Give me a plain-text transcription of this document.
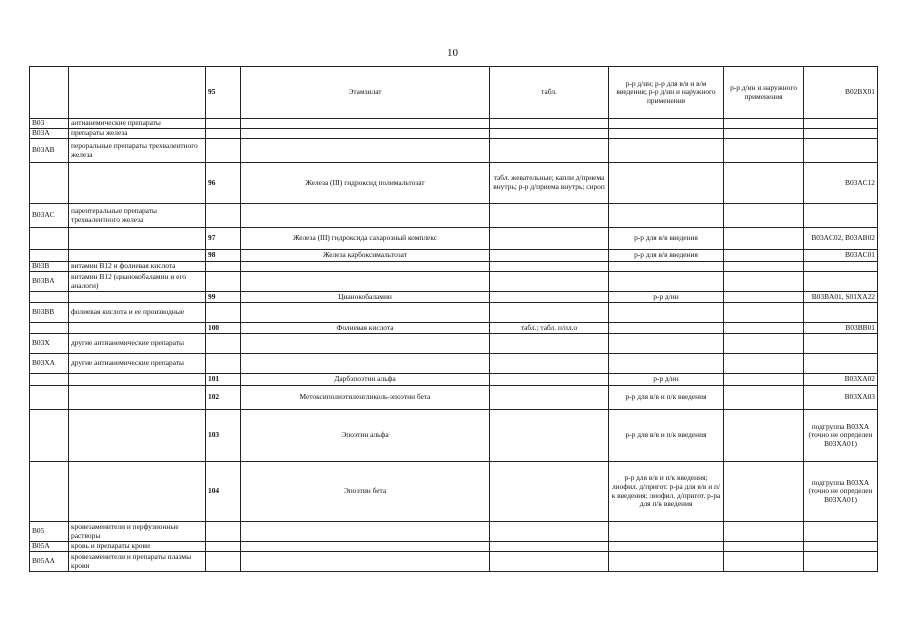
10
		95	Этамзилат	табл.	р-р д/ин; р-р для в/в и в/м введения; р-р д/ин и наружного применения	р-р д/ин и наружного применения	B02BX01
B03	антианемические препараты						
B03A	препараты железа						
B03AB	пероральные препараты трехвалентного железа						
		96	Железа (III) гидроксид полимальтозат	табл. жевательные; капли д/приема внутрь; р-р д/приема внутрь; сироп			B03AC12
B03AC	парентеральные препараты трехвалентного железа						
		97	Железа (III) гидроксида сахарозный комплекс		р-р для в/в введения		B03AC02, B03AB02
		98	Железа карбоксимальтозат		р-р для в/в введения		B03AC01
B03B	витамин B12 и фолиевая кислота						
B03BA	витамин B12 (цианокобаламин и его аналоги)						
		99	Цианокобаламин		р-р д/ин		B03BA01, S01XA22
B03BB	фолиевая кислота и ее производные						
		100	Фолиевая кислота	табл.; табл. п/пл.о			B03BB01
B03X	другие антианемические препараты						
B03XA	другие антианемические препараты						
		101	Дарбэпоэтин альфа		р-р д/ин		B03XA02
		102	Метоксиполиэтиленгликоль-эпоэтин бета		р-р для в/в и п/к введения		B03XA03
		103	Эпоэтин альфа		р-р для в/в и п/к введения		подгруппа B03XA (точно не определен B03XA01)
		104	Эпоэтин бета		р-р для в/в и п/к введения; лиофил. д/пригот. р-ра для в/в и п/к введения; лиофил. д/пригот. р-ра для п/к введения		подгруппа B03XA (точно не определен B03XA01)
B05	кровезаменители и перфузионные растворы						
B05A	кровь и препараты крови						
B05AA	кровезаменители и препараты плазмы крови						
